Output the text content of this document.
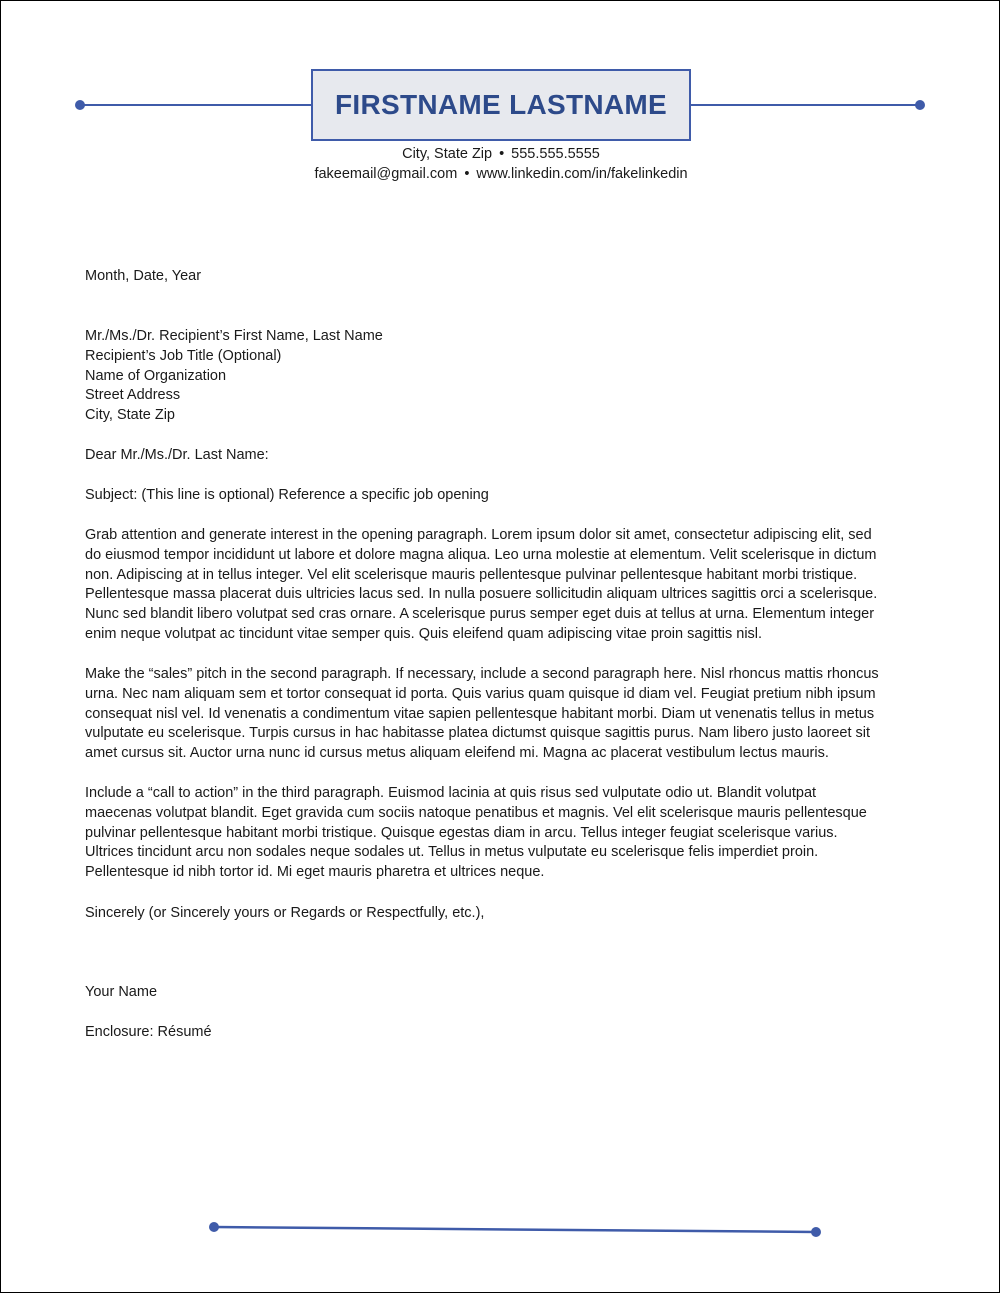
FIRSTNAME LASTNAME
City, State Zip • 555.555.5555
fakeemail@gmail.com • www.linkedin.com/in/fakelinkedin

Month, Date, Year

Mr./Ms./Dr. Recipient’s First Name, Last Name

Recipient’s Job Title (Optional)

Name of Organization

Street Address

City, State Zip

Dear Mr./Ms./Dr. Last Name:

Subject: (This line is optional) Reference a specific job opening

Grab attention and generate interest in the opening paragraph. Lorem ipsum dolor sit amet, consectetur adipiscing elit, sed

do eiusmod tempor incididunt ut labore et dolore magna aliqua. Leo urna molestie at elementum. Velit scelerisque in dictum

non. Adipiscing at in tellus integer. Vel elit scelerisque mauris pellentesque pulvinar pellentesque habitant morbi tristique.

Pellentesque massa placerat duis ultricies lacus sed. In nulla posuere sollicitudin aliquam ultrices sagittis orci a scelerisque.

Nunc sed blandit libero volutpat sed cras ornare. A scelerisque purus semper eget duis at tellus at urna. Elementum integer

enim neque volutpat ac tincidunt vitae semper quis. Quis eleifend quam adipiscing vitae proin sagittis nisl.

Make the “sales” pitch in the second paragraph. If necessary, include a second paragraph here. Nisl rhoncus mattis rhoncus

urna. Nec nam aliquam sem et tortor consequat id porta. Quis varius quam quisque id diam vel. Feugiat pretium nibh ipsum

consequat nisl vel. Id venenatis a condimentum vitae sapien pellentesque habitant morbi. Diam ut venenatis tellus in metus

vulputate eu scelerisque. Turpis cursus in hac habitasse platea dictumst quisque sagittis purus. Nam libero justo laoreet sit

amet cursus sit. Auctor urna nunc id cursus metus aliquam eleifend mi. Magna ac placerat vestibulum lectus mauris.

Include a “call to action” in the third paragraph. Euismod lacinia at quis risus sed vulputate odio ut. Blandit volutpat

maecenas volutpat blandit. Eget gravida cum sociis natoque penatibus et magnis. Vel elit scelerisque mauris pellentesque

pulvinar pellentesque habitant morbi tristique. Quisque egestas diam in arcu. Tellus integer feugiat scelerisque varius.

Ultrices tincidunt arcu non sodales neque sodales ut. Tellus in metus vulputate eu scelerisque felis imperdiet proin.

Pellentesque id nibh tortor id. Mi eget mauris pharetra et ultrices neque.

Sincerely (or Sincerely yours or Regards or Respectfully, etc.),

Your Name

Enclosure: Résumé
